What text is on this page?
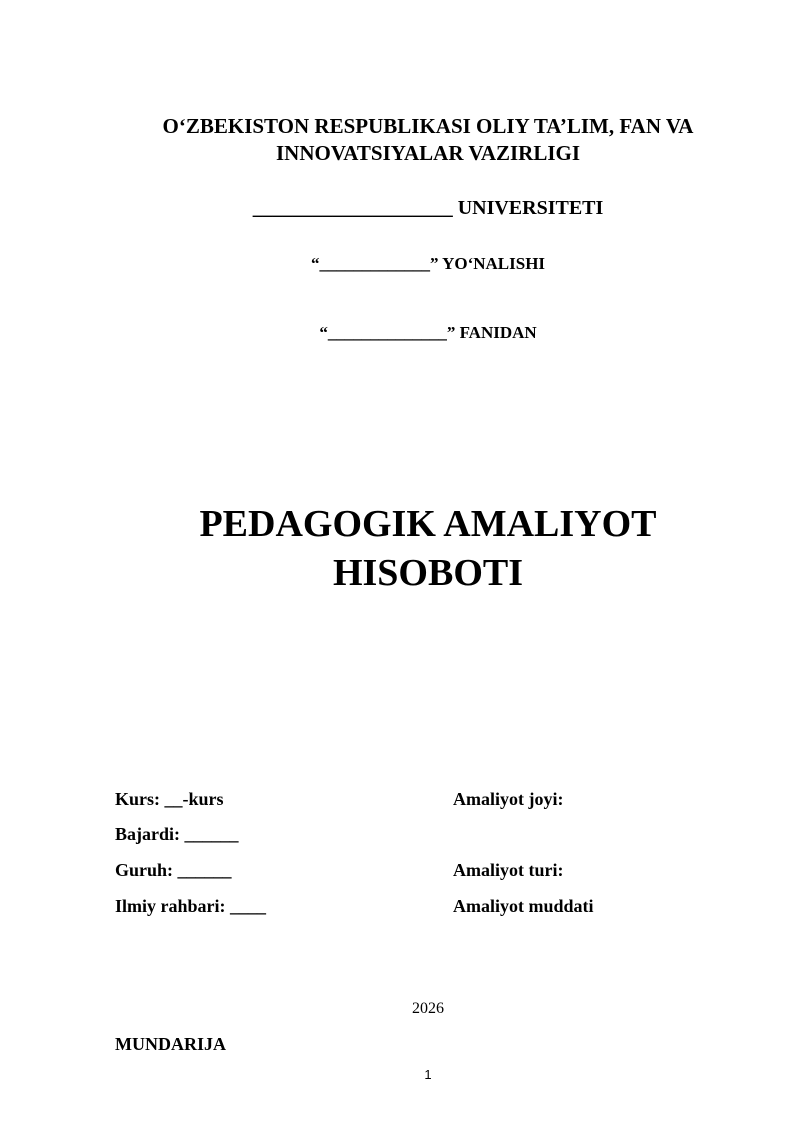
O‘ZBEKISTON RESPUBLIKASI OLIY TA’LIM, FAN VA
INNOVATSIYALAR VAZIRLIGI
____________________ UNIVERSITETI
“_____________” YO‘NALISHI
“______________” FANIDAN
PEDAGOGIK AMALIYOT
HISOBOTI
Kurs: __-kurs
Bajardi: ______
Guruh: ______
Ilmiy rahbari: ____
Amaliyot joyi:
Amaliyot turi:
Amaliyot muddati
2026
MUNDARIJA
1
